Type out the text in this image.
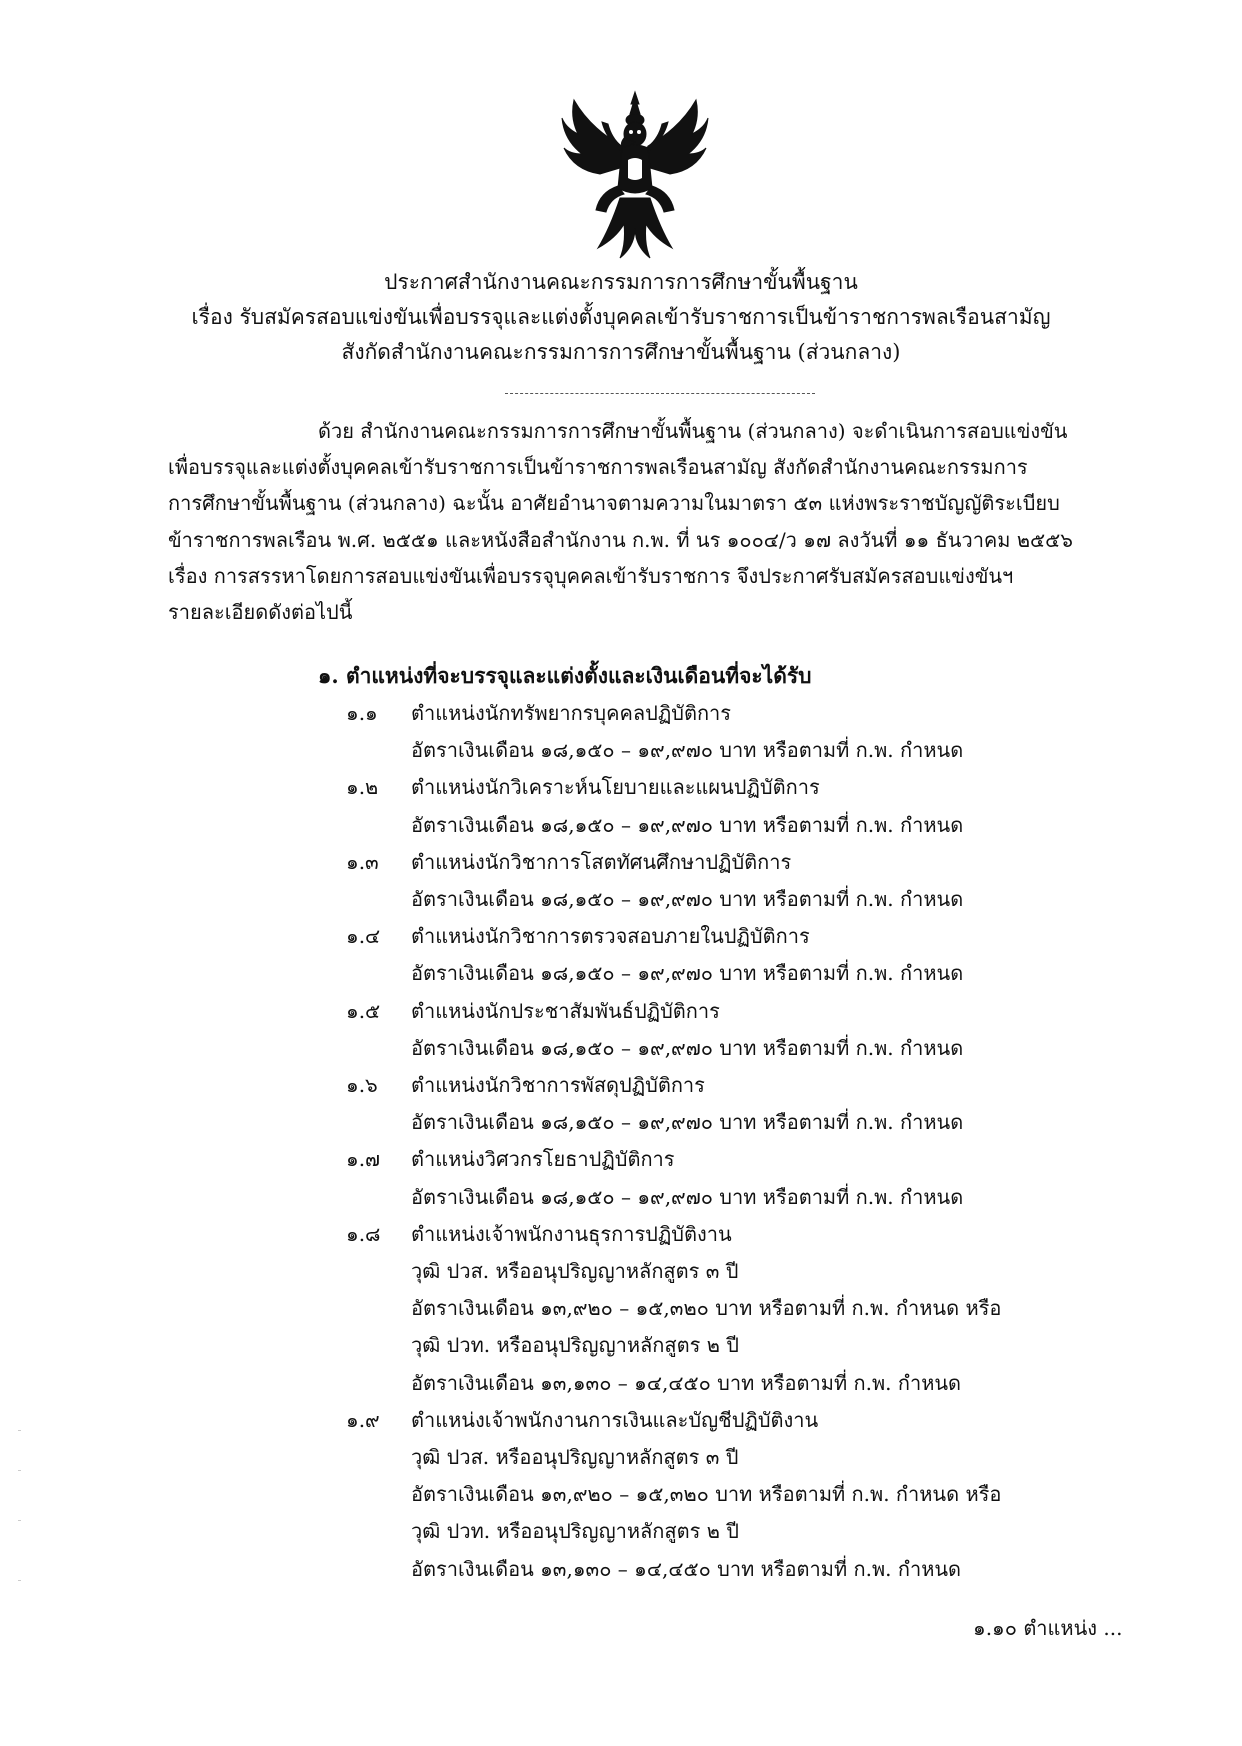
ประกาศสำนักงานคณะกรรมการการศึกษาขั้นพื้นฐาน
เรื่อง รับสมัครสอบแข่งขันเพื่อบรรจุและแต่งตั้งบุคคลเข้ารับราชการเป็นข้าราชการพลเรือนสามัญ
สังกัดสำนักงานคณะกรรมการการศึกษาขั้นพื้นฐาน (ส่วนกลาง)
ด้วย สำนักงานคณะกรรมการการศึกษาขั้นพื้นฐาน (ส่วนกลาง) จะดำเนินการสอบแข่งขัน
เพื่อบรรจุและแต่งตั้งบุคคลเข้ารับราชการเป็นข้าราชการพลเรือนสามัญ สังกัดสำนักงานคณะกรรมการ
การศึกษาขั้นพื้นฐาน (ส่วนกลาง) ฉะนั้น อาศัยอำนาจตามความในมาตรา ๕๓ แห่งพระราชบัญญัติระเบียบ
ข้าราชการพลเรือน พ.ศ. ๒๕๕๑ และหนังสือสำนักงาน ก.พ. ที่ นร ๑๐๐๔/ว ๑๗ ลงวันที่ ๑๑ ธันวาคม ๒๕๕๖
เรื่อง การสรรหาโดยการสอบแข่งขันเพื่อบรรจุบุคคลเข้ารับราชการ จึงประกาศรับสมัครสอบแข่งขันฯ
รายละเอียดดังต่อไปนี้
๑. ตำแหน่งที่จะบรรจุและแต่งตั้งและเงินเดือนที่จะได้รับ
๑.๑	ตำแหน่งนักทรัพยากรบุคคลปฏิบัติการ
อัตราเงินเดือน ๑๘,๑๕๐ – ๑๙,๙๗๐ บาท หรือตามที่ ก.พ. กำหนด
๑.๒	ตำแหน่งนักวิเคราะห์นโยบายและแผนปฏิบัติการ
อัตราเงินเดือน ๑๘,๑๕๐ – ๑๙,๙๗๐ บาท หรือตามที่ ก.พ. กำหนด
๑.๓	ตำแหน่งนักวิชาการโสตทัศนศึกษาปฏิบัติการ
อัตราเงินเดือน ๑๘,๑๕๐ – ๑๙,๙๗๐ บาท หรือตามที่ ก.พ. กำหนด
๑.๔	ตำแหน่งนักวิชาการตรวจสอบภายในปฏิบัติการ
อัตราเงินเดือน ๑๘,๑๕๐ – ๑๙,๙๗๐ บาท หรือตามที่ ก.พ. กำหนด
๑.๕	ตำแหน่งนักประชาสัมพันธ์ปฏิบัติการ
อัตราเงินเดือน ๑๘,๑๕๐ – ๑๙,๙๗๐ บาท หรือตามที่ ก.พ. กำหนด
๑.๖	ตำแหน่งนักวิชาการพัสดุปฏิบัติการ
อัตราเงินเดือน ๑๘,๑๕๐ – ๑๙,๙๗๐ บาท หรือตามที่ ก.พ. กำหนด
๑.๗	ตำแหน่งวิศวกรโยธาปฏิบัติการ
อัตราเงินเดือน ๑๘,๑๕๐ – ๑๙,๙๗๐ บาท หรือตามที่ ก.พ. กำหนด
๑.๘	ตำแหน่งเจ้าพนักงานธุรการปฏิบัติงาน
วุฒิ ปวส. หรืออนุปริญญาหลักสูตร ๓ ปี
อัตราเงินเดือน ๑๓,๙๒๐ – ๑๕,๓๒๐ บาท หรือตามที่ ก.พ. กำหนด หรือ
วุฒิ ปวท. หรืออนุปริญญาหลักสูตร ๒ ปี
อัตราเงินเดือน ๑๓,๑๓๐ – ๑๔,๔๕๐ บาท หรือตามที่ ก.พ. กำหนด
๑.๙	ตำแหน่งเจ้าพนักงานการเงินและบัญชีปฏิบัติงาน
วุฒิ ปวส. หรืออนุปริญญาหลักสูตร ๓ ปี
อัตราเงินเดือน ๑๓,๙๒๐ – ๑๕,๓๒๐ บาท หรือตามที่ ก.พ. กำหนด หรือ
วุฒิ ปวท. หรืออนุปริญญาหลักสูตร ๒ ปี
อัตราเงินเดือน ๑๓,๑๓๐ – ๑๔,๔๕๐ บาท หรือตามที่ ก.พ. กำหนด
๑.๑๐ ตำแหน่ง ...
